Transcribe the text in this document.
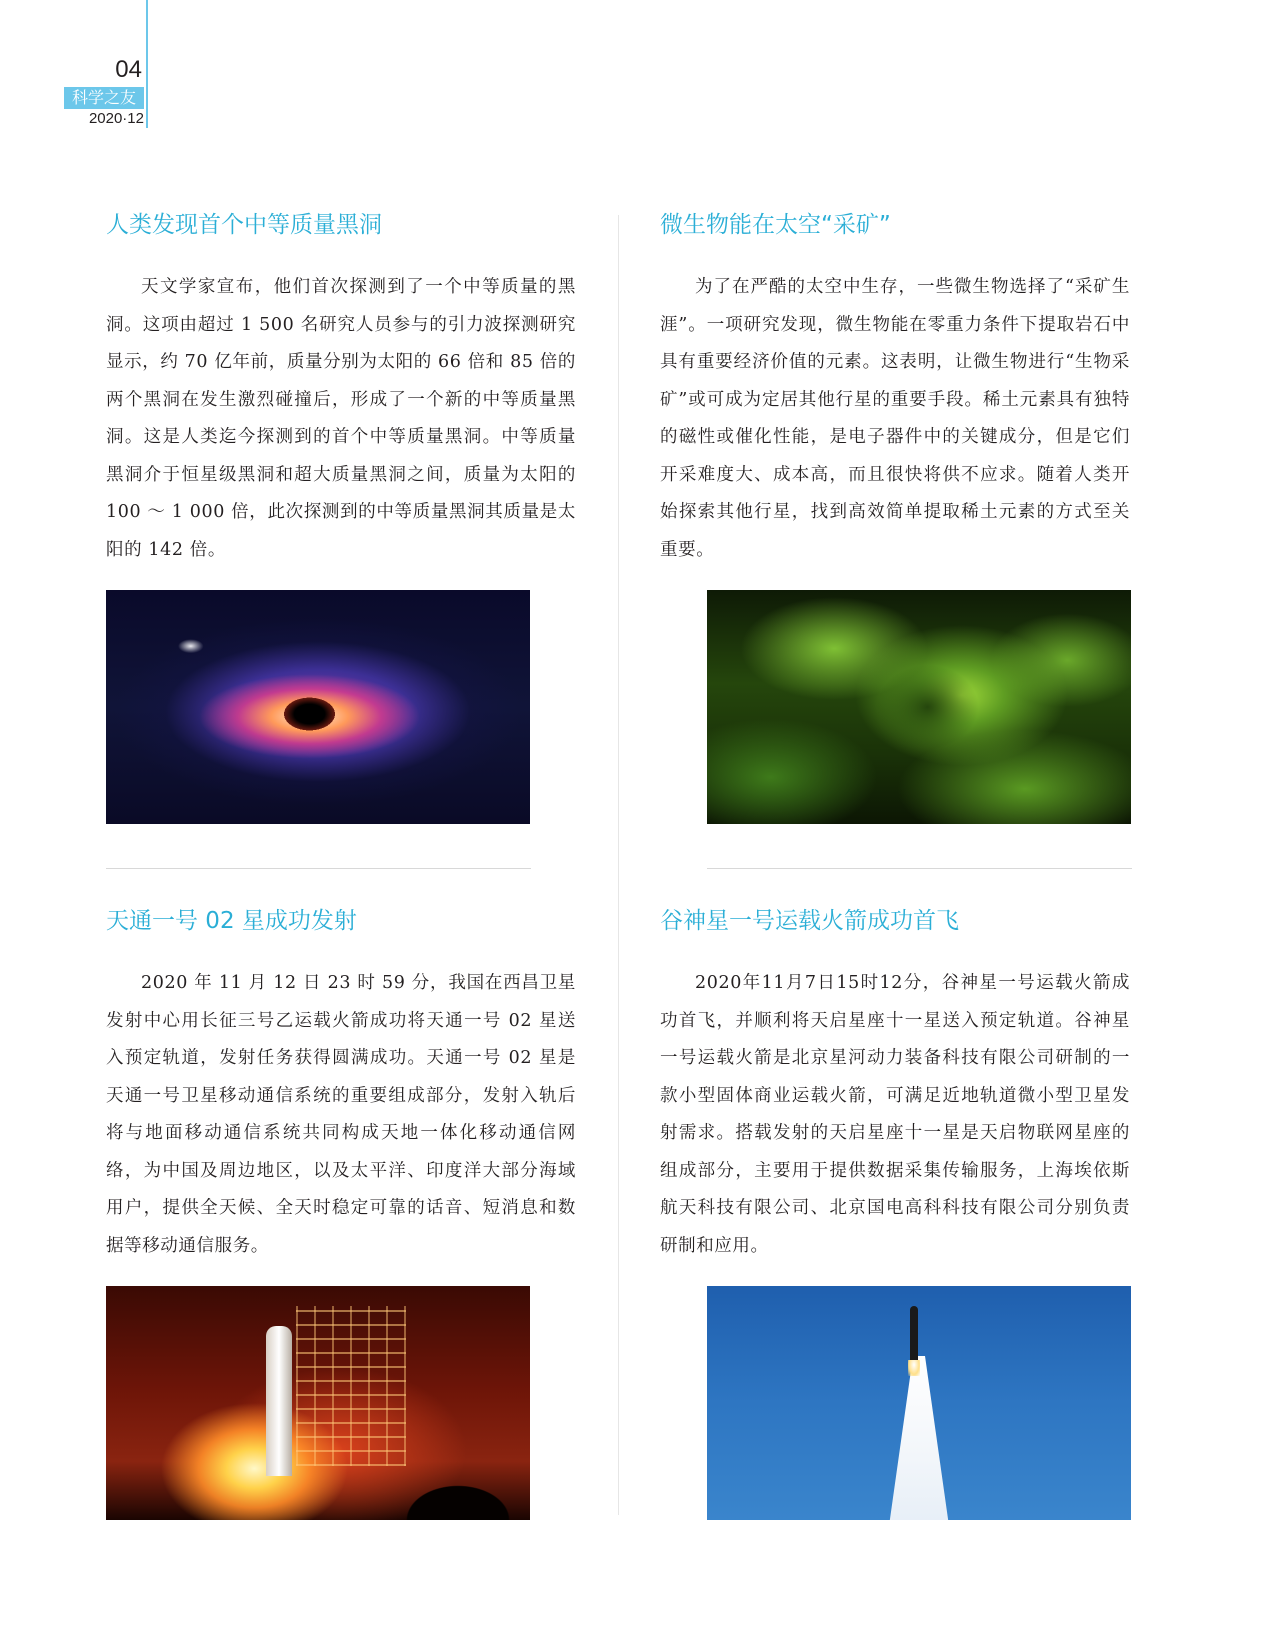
04
科学之友
2020·12
人类发现首个中等质量黑洞

天文学家宣布，他们首次探测到了一个中等质量的黑洞。这项由超过 1 500 名研究人员参与的引力波探测研究显示，约 70 亿年前，质量分别为太阳的 66 倍和 85 倍的两个黑洞在发生激烈碰撞后，形成了一个新的中等质量黑洞。这是人类迄今探测到的首个中等质量黑洞。中等质量黑洞介于恒星级黑洞和超大质量黑洞之间，质量为太阳的 100 ～ 1 000 倍，此次探测到的中等质量黑洞其质量是太阳的 142 倍。

微生物能在太空“采矿”

为了在严酷的太空中生存，一些微生物选择了“采矿生涯”。一项研究发现，微生物能在零重力条件下提取岩石中具有重要经济价值的元素。这表明，让微生物进行“生物采矿”或可成为定居其他行星的重要手段。稀土元素具有独特的磁性或催化性能，是电子器件中的关键成分，但是它们开采难度大、成本高，而且很快将供不应求。随着人类开始探索其他行星，找到高效简单提取稀土元素的方式至关重要。

天通一号 02 星成功发射

2020 年 11 月 12 日 23 时 59 分，我国在西昌卫星发射中心用长征三号乙运载火箭成功将天通一号 02 星送入预定轨道，发射任务获得圆满成功。天通一号 02 星是天通一号卫星移动通信系统的重要组成部分，发射入轨后将与地面移动通信系统共同构成天地一体化移动通信网络，为中国及周边地区，以及太平洋、印度洋大部分海域用户，提供全天候、全天时稳定可靠的话音、短消息和数据等移动通信服务。

谷神星一号运载火箭成功首飞

2020年11月7日15时12分，谷神星一号运载火箭成功首飞，并顺利将天启星座十一星送入预定轨道。谷神星一号运载火箭是北京星河动力装备科技有限公司研制的一款小型固体商业运载火箭，可满足近地轨道微小型卫星发射需求。搭载发射的天启星座十一星是天启物联网星座的组成部分，主要用于提供数据采集传输服务，上海埃依斯航天科技有限公司、北京国电高科科技有限公司分别负责研制和应用。
